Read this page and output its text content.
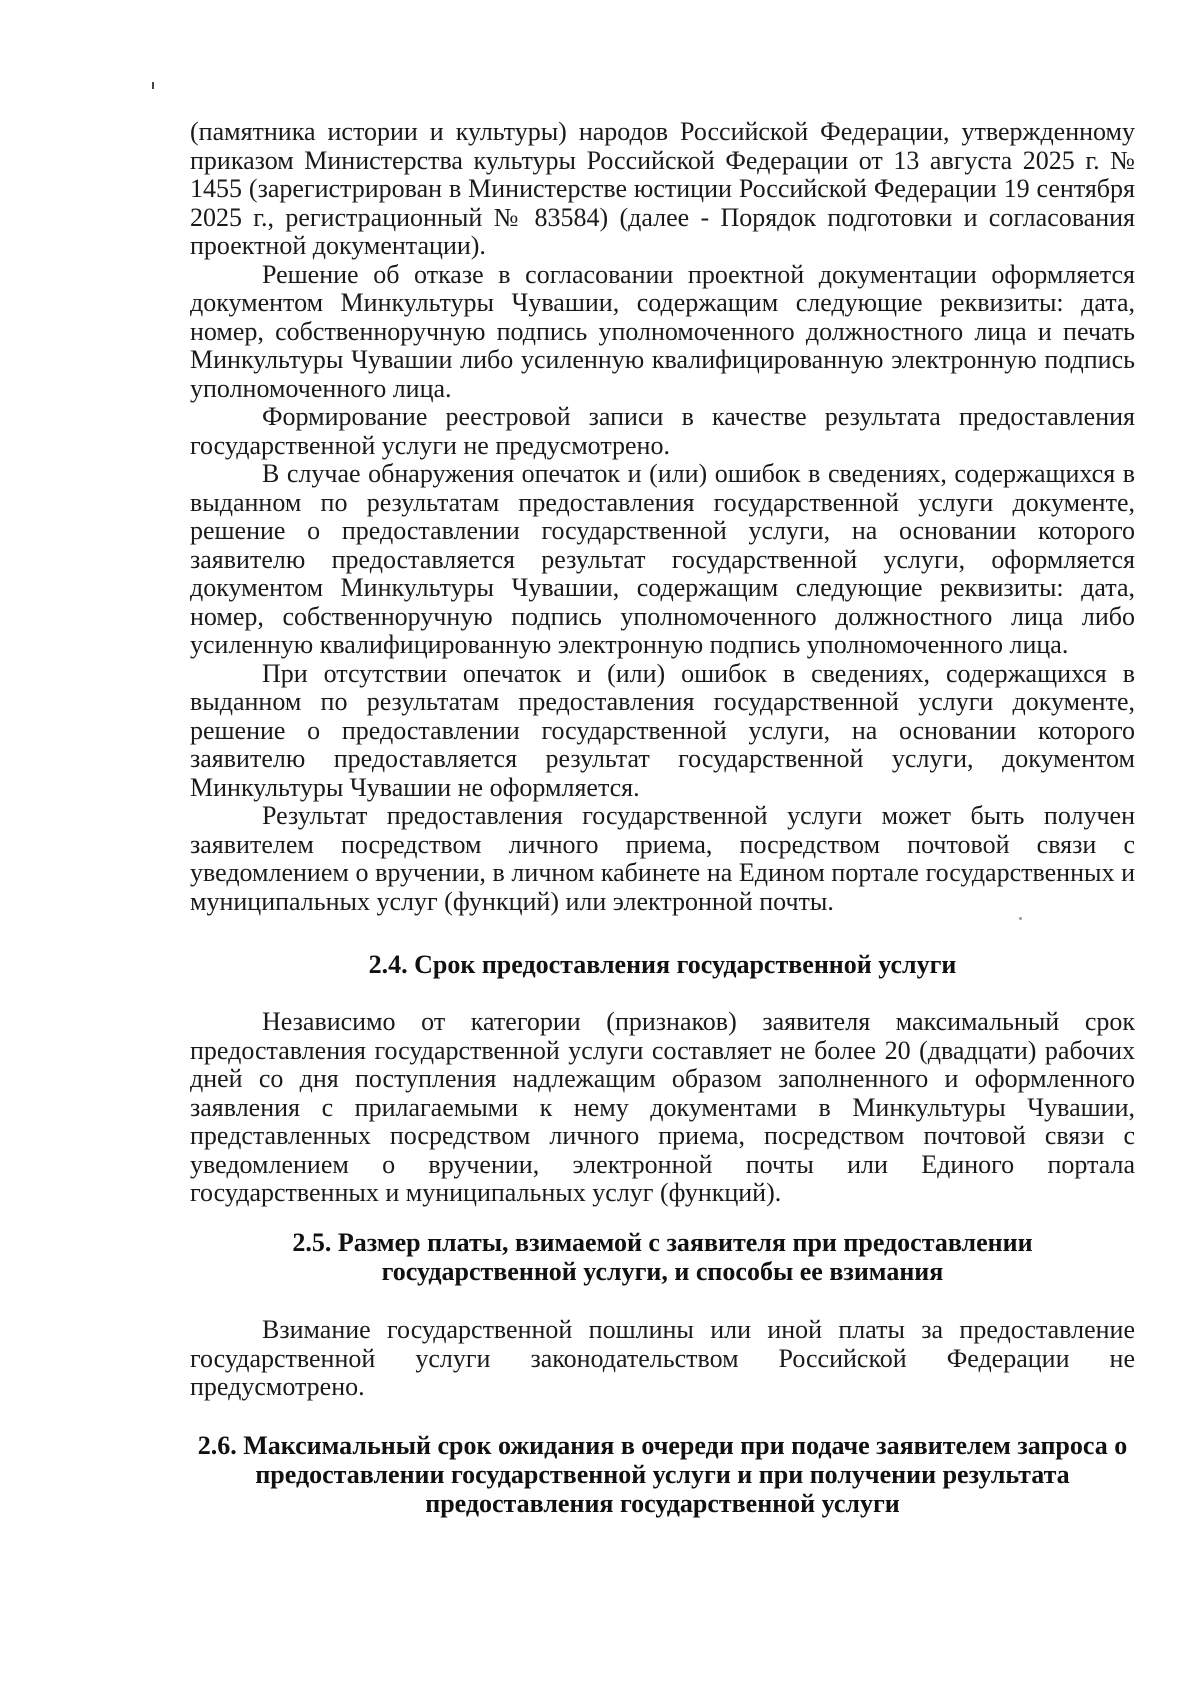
(памятника истории и культуры) народов Российской Федерации, утвержденному приказом Министерства культуры Российской Федерации от 13 августа 2025 г. № 1455 (зарегистрирован в Министерстве юстиции Российской Федерации 19 сентября 2025 г., регистрационный № 83584) (далее - Порядок подготовки и согласования проектной документации).

Решение об отказе в согласовании проектной документации оформляется документом Минкультуры Чувашии, содержащим следующие реквизиты: дата, номер, собственноручную подпись уполномоченного должностного лица и печать Минкультуры Чувашии либо усиленную квалифицированную электронную подпись уполномоченного лица.

Формирование реестровой записи в качестве результата предоставления государственной услуги не предусмотрено.

В случае обнаружения опечаток и (или) ошибок в сведениях, содержащихся в выданном по результатам предоставления государственной услуги документе, решение о предоставлении государственной услуги, на основании которого заявителю предоставляется результат государственной услуги, оформляется документом Минкультуры Чувашии, содержащим следующие реквизиты: дата, номер, собственноручную подпись уполномоченного должностного лица либо усиленную квалифицированную электронную подпись уполномоченного лица.

При отсутствии опечаток и (или) ошибок в сведениях, содержащихся в выданном по результатам предоставления государственной услуги документе, решение о предоставлении государственной услуги, на основании которого заявителю предоставляется результат государственной услуги, документом Минкультуры Чувашии не оформляется.

Результат предоставления государственной услуги может быть получен заявителем посредством личного приема, посредством почтовой связи с уведомлением о вручении, в личном кабинете на Едином портале государственных и муниципальных услуг (функций) или электронной почты.

2.4. Срок предоставления государственной услуги

Независимо от категории (признаков) заявителя максимальный срок предоставления государственной услуги составляет не более 20 (двадцати) рабочих дней со дня поступления надлежащим образом заполненного и оформленного заявления с прилагаемыми к нему документами в Минкультуры Чувашии, представленных посредством личного приема, посредством почтовой связи с уведомлением о вручении, электронной почты или Единого портала государственных и муниципальных услуг (функций).

2.5. Размер платы, взимаемой с заявителя при предоставлении
государственной услуги, и способы ее взимания

Взимание государственной пошлины или иной платы за предоставление государственной услуги законодательством Российской Федерации не предусмотрено.

2.6. Максимальный срок ожидания в очереди при подаче заявителем запроса о
предоставлении государственной услуги и при получении результата
предоставления государственной услуги
